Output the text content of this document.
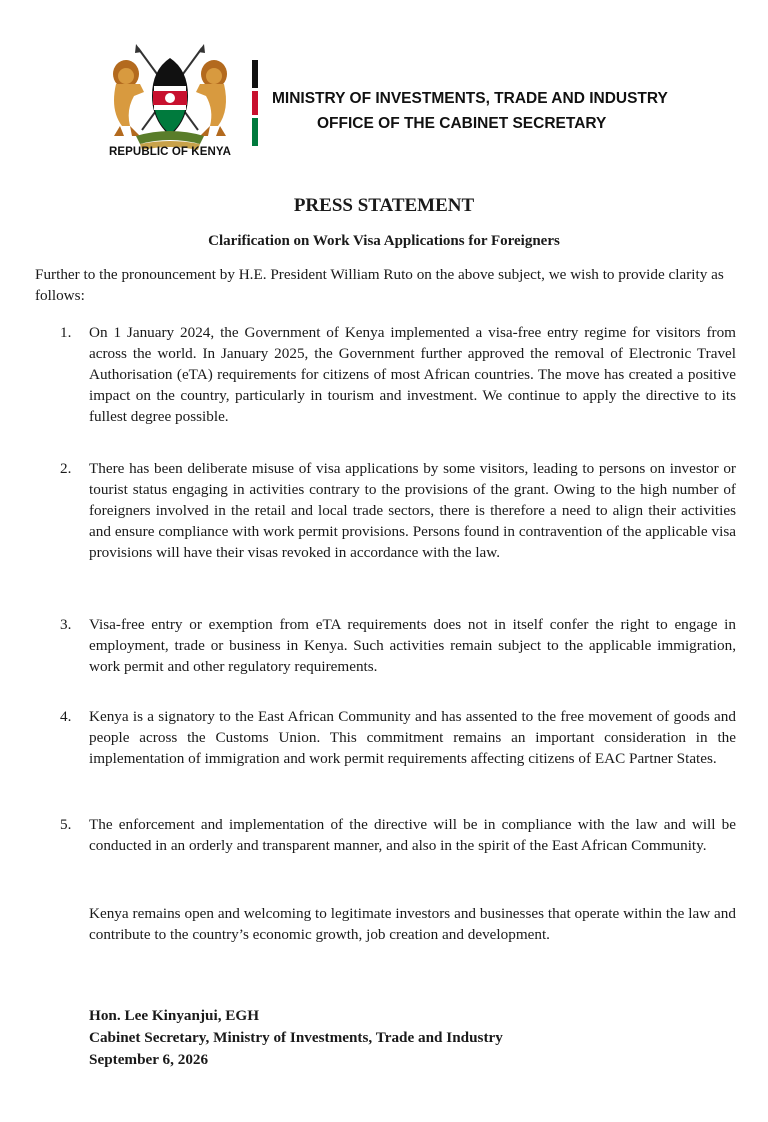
REPUBLIC OF KENYA
MINISTRY OF INVESTMENTS, TRADE AND INDUSTRY
OFFICE OF THE CABINET SECRETARY
PRESS STATEMENT
Clarification on Work Visa Applications for Foreigners
Further to the pronouncement by H.E. President William Ruto on the above subject, we wish to provide clarity as follows:
1.	On 1 January 2024, the Government of Kenya implemented a visa-free entry regime for visitors from across the world. In January 2025, the Government further approved the removal of Electronic Travel Authorisation (eTA) requirements for citizens of most African countries. The move has created a positive impact on the country, particularly in tourism and investment. We continue to apply the directive to its fullest degree possible.
2.	There has been deliberate misuse of visa applications by some visitors, leading to persons on investor or tourist status engaging in activities contrary to the provisions of the grant. Owing to the high number of foreigners involved in the retail and local trade sectors, there is therefore a need to align their activities and ensure compliance with work permit provisions. Persons found in contravention of the applicable visa provisions will have their visas revoked in accordance with the law.
3.	Visa-free entry or exemption from eTA requirements does not in itself confer the right to engage in employment, trade or business in Kenya. Such activities remain subject to the applicable immigration, work permit and other regulatory requirements.
4.	Kenya is a signatory to the East African Community and has assented to the free movement of goods and people across the Customs Union. This commitment remains an important consideration in the implementation of immigration and work permit requirements affecting citizens of EAC Partner States.
5.	The enforcement and implementation of the directive will be in compliance with the law and will be conducted in an orderly and transparent manner, and also in the spirit of the East African Community.
Kenya remains open and welcoming to legitimate investors and businesses that operate within the law and contribute to the country’s economic growth, job creation and development.
Hon. Lee Kinyanjui, EGH
Cabinet Secretary, Ministry of Investments, Trade and Industry
September 6, 2026
